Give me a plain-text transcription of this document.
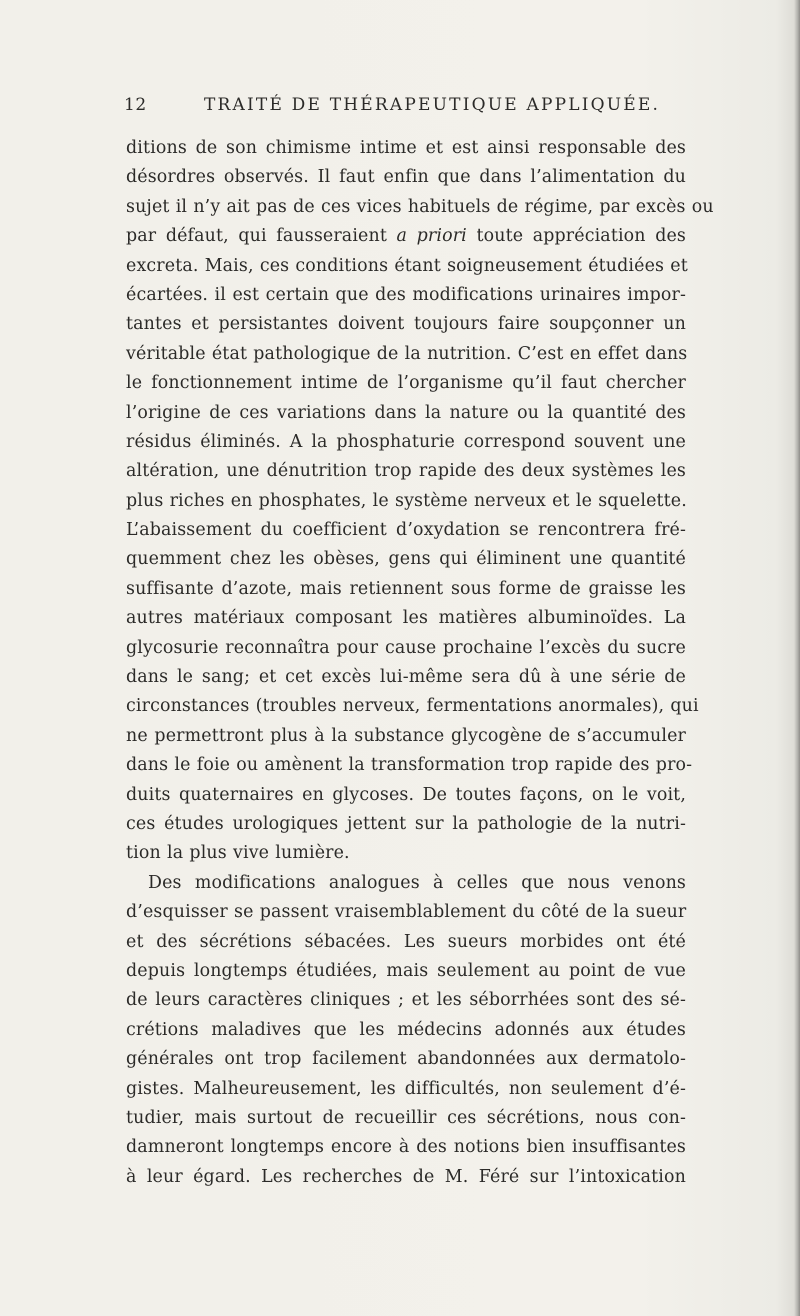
12	TRAITÉ DE THÉRAPEUTIQUE APPLIQUÉE.
ditions de son chimisme intime et est ainsi responsable des
désordres observés. Il faut enfin que dans l’alimentation du
sujet il n’y ait pas de ces vices habituels de régime, par excès ou
par défaut, qui fausseraient a priori toute appréciation des
excreta. Mais, ces conditions étant soigneusement étudiées et
écartées. il est certain que des modifications urinaires impor-
tantes et persistantes doivent toujours faire soupçonner un
véritable état pathologique de la nutrition. C’est en effet dans
le fonctionnement intime de l’organisme qu’il faut chercher
l’origine de ces variations dans la nature ou la quantité des
résidus éliminés. A la phosphaturie correspond souvent une
altération, une dénutrition trop rapide des deux systèmes les
plus riches en phosphates, le système nerveux et le squelette.
L’abaissement du coefficient d’oxydation se rencontrera fré-
quemment chez les obèses, gens qui éliminent une quantité
suffisante d’azote, mais retiennent sous forme de graisse les
autres matériaux composant les matières albuminoïdes. La
glycosurie reconnaîtra pour cause prochaine l’excès du sucre
dans le sang; et cet excès lui-même sera dû à une série de
circonstances (troubles nerveux, fermentations anormales), qui
ne permettront plus à la substance glycogène de s’accumuler
dans le foie ou amènent la transformation trop rapide des pro-
duits quaternaires en glycoses. De toutes façons, on le voit,
ces études urologiques jettent sur la pathologie de la nutri-
tion la plus vive lumière.
Des modifications analogues à celles que nous venons
d’esquisser se passent vraisemblablement du côté de la sueur
et des sécrétions sébacées. Les sueurs morbides ont été
depuis longtemps étudiées, mais seulement au point de vue
de leurs caractères cliniques ; et les séborrhées sont des sé-
crétions maladives que les médecins adonnés aux études
générales ont trop facilement abandonnées aux dermatolo-
gistes. Malheureusement, les difficultés, non seulement d’é-
tudier, mais surtout de recueillir ces sécrétions, nous con-
damneront longtemps encore à des notions bien insuffisantes
à leur égard. Les recherches de M. Féré sur l’intoxication
